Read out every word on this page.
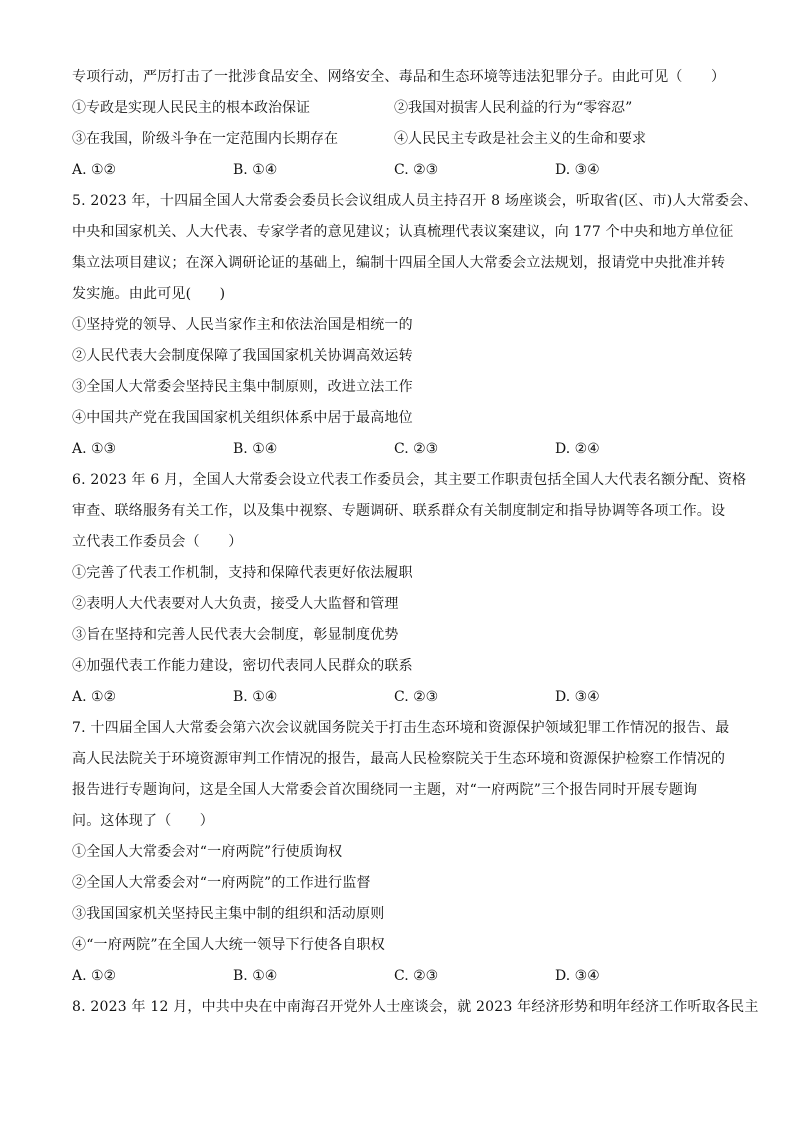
专项行动，严厉打击了一批涉食品安全、网络安全、毒品和生态环境等违法犯罪分子。由此可见（　　）
①专政是实现人民民主的根本政治保证	②我国对损害人民利益的行为“零容忍”
③在我国，阶级斗争在一定范围内长期存在	④人民民主专政是社会主义的生命和要求
A. ①②	B. ①④	C. ②③	D. ③④
5. 2023 年，十四届全国人大常委会委员长会议组成人员主持召开 8 场座谈会，听取省(区、市)人大常委会、
中央和国家机关、人大代表、专家学者的意见建议；认真梳理代表议案建议，向 177 个中央和地方单位征
集立法项目建议；在深入调研论证的基础上，编制十四届全国人大常委会立法规划，报请党中央批准并转
发实施。由此可见(　　)
①坚持党的领导、人民当家作主和依法治国是相统一的
②人民代表大会制度保障了我国国家机关协调高效运转
③全国人大常委会坚持民主集中制原则，改进立法工作
④中国共产党在我国国家机关组织体系中居于最高地位
A. ①③	B. ①④	C. ②③	D. ②④
6. 2023 年 6 月，全国人大常委会设立代表工作委员会，其主要工作职责包括全国人大代表名额分配、资格
审查、联络服务有关工作，以及集中视察、专题调研、联系群众有关制度制定和指导协调等各项工作。设
立代表工作委员会（　　）
①完善了代表工作机制，支持和保障代表更好依法履职
②表明人大代表要对人大负责，接受人大监督和管理
③旨在坚持和完善人民代表大会制度，彰显制度优势
④加强代表工作能力建设，密切代表同人民群众的联系
A. ①②	B. ①④	C. ②③	D. ③④
7. 十四届全国人大常委会第六次会议就国务院关于打击生态环境和资源保护领域犯罪工作情况的报告、最
高人民法院关于环境资源审判工作情况的报告，最高人民检察院关于生态环境和资源保护检察工作情况的
报告进行专题询问，这是全国人大常委会首次围绕同一主题，对“一府两院”三个报告同时开展专题询
问。这体现了（　　）
①全国人大常委会对“一府两院”行使质询权
②全国人大常委会对“一府两院”的工作进行监督
③我国国家机关坚持民主集中制的组织和活动原则
④“一府两院”在全国人大统一领导下行使各自职权
A. ①②	B. ①④	C. ②③	D. ③④
8. 2023 年 12 月，中共中央在中南海召开党外人士座谈会，就 2023 年经济形势和明年经济工作听取各民主
